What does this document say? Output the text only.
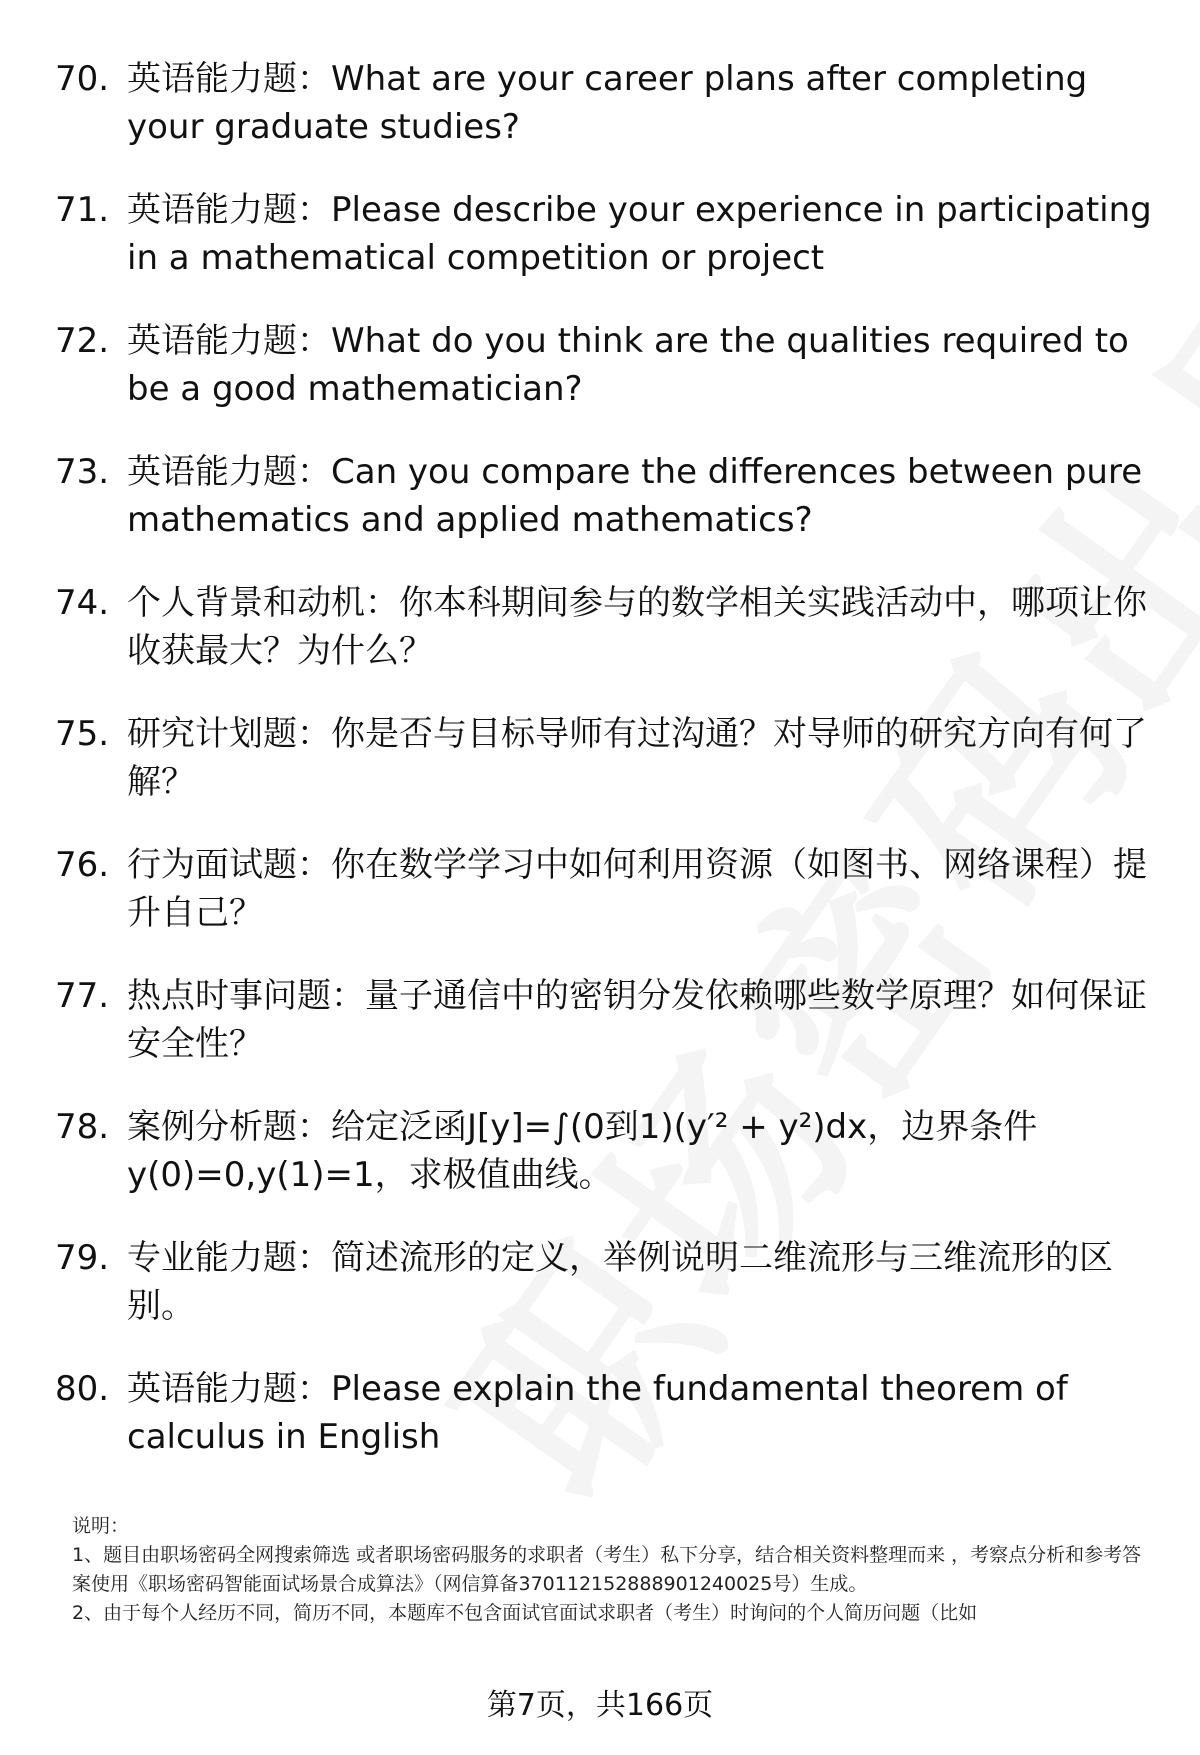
70. 英语能力题：What are your career plans after completing your graduate studies?
71. 英语能力题：Please describe your experience in participating in a mathematical competition or project
72. 英语能力题：What do you think are the qualities required to be a good mathematician?
73. 英语能力题：Can you compare the differences between pure mathematics and applied mathematics?
74. 个人背景和动机：你本科期间参与的数学相关实践活动中，哪项让你收获最大？为什么？
75. 研究计划题：你是否与目标导师有过沟通？对导师的研究方向有何了解？
76. 行为面试题：你在数学学习中如何利用资源（如图书、网络课程）提升自己？
77. 热点时事问题：量子通信中的密钥分发依赖哪些数学原理？如何保证安全性？
78. 案例分析题：给定泛函J[y]=∫(0到1)(y′² + y²)dx，边界条件y(0)=0,y(1)=1，求极值曲线。
79. 专业能力题：简述流形的定义，举例说明二维流形与三维流形的区别。
80. 英语能力题：Please explain the fundamental theorem of calculus in English

说明：

1、题目由职场密码全网搜索筛选 或者职场密码服务的求职者（考生）私下分享，结合相关资料整理而来 ，考察点分析和参考答案使用《职场密码智能面试场景合成算法》（网信算备370112152888901240025号）生成。

2、由于每个人经历不同，简历不同，本题库不包含面试官面试求职者（考生）时询问的个人简历问题（比如

第7页，共166页
